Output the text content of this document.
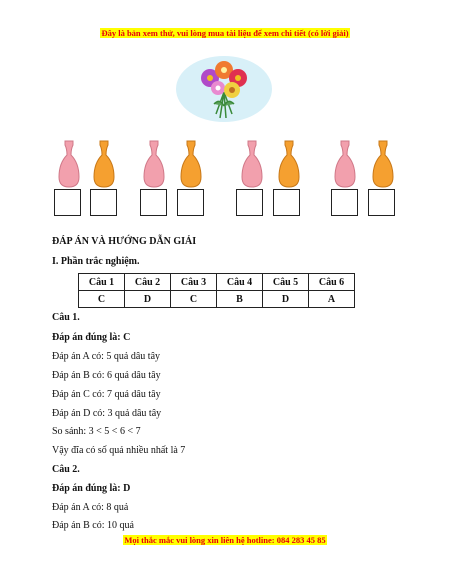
Đây là bản xem thử, vui lòng mua tài liệu để xem chi tiết (có lời giải)
ĐÁP ÁN VÀ HƯỚNG DẪN GIẢI
I. Phần trắc nghiệm.
Câu 1	Câu 2	Câu 3	Câu 4	Câu 5	Câu 6
C	D	C	B	D	A
Câu 1.
Đáp án đúng là: C
Đáp án A có: 5 quả dâu tây
Đáp án B có: 6 quả dâu tây
Đáp án C có: 7 quả dâu tây
Đáp án D có: 3 quả dâu tây
So sánh: 3 < 5 < 6 < 7
Vậy đĩa có số quả nhiều nhất là 7
Câu 2.
Đáp án đúng là: D
Đáp án A có: 8 quả
Đáp án B có: 10 quả
Mọi thắc mắc vui lòng xin liên hệ hotline: 084 283 45 85
